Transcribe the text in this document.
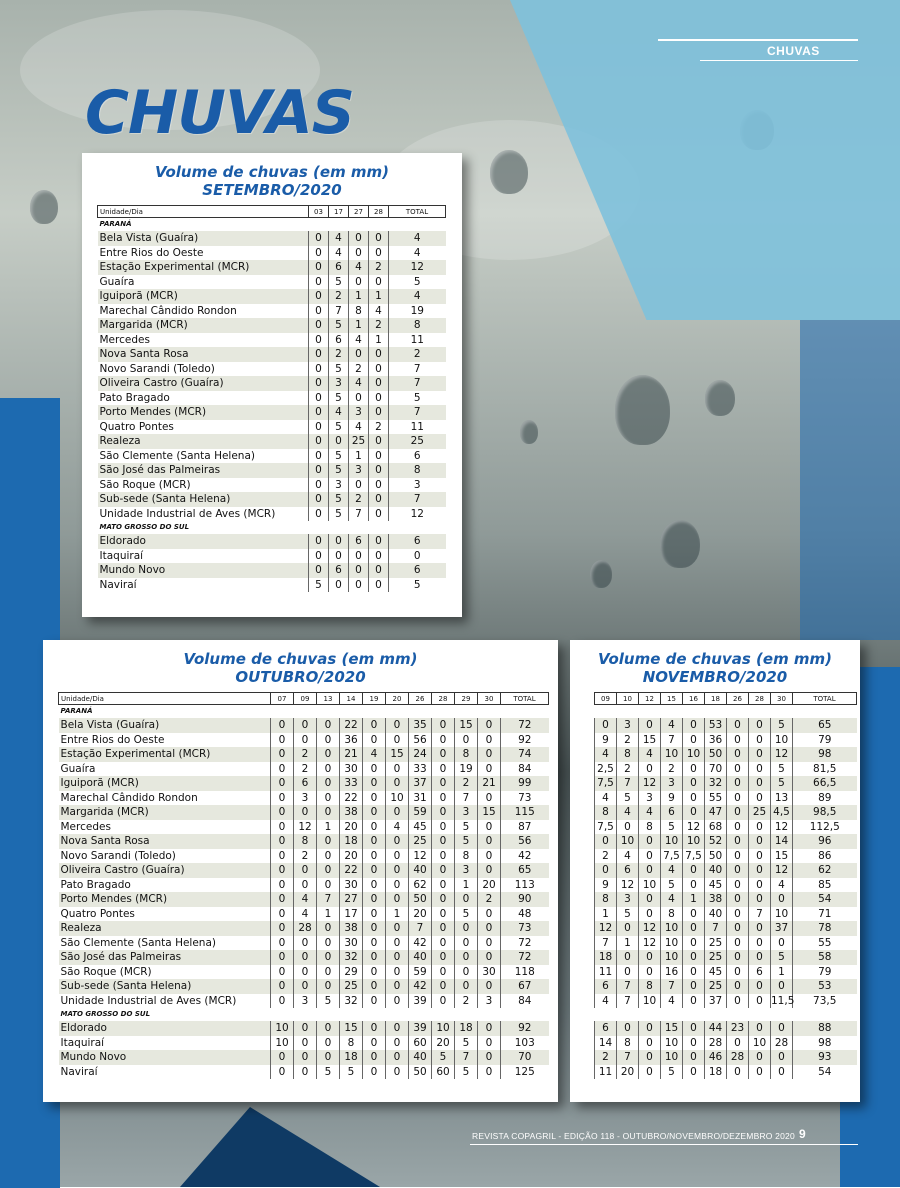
CHUVAS
CHUVAS
Volume de chuvas (em mm)
SETEMBRO/2020
Unidade/Dia	03	17	27	28	TOTAL
PARANÁ					
Bela Vista (Guaíra)	0	4	0	0	4
Entre Rios do Oeste	0	4	0	0	4
Estação Experimental (MCR)	0	6	4	2	12
Guaíra	0	5	0	0	5
Iguiporã (MCR)	0	2	1	1	4
Marechal Cândido Rondon	0	7	8	4	19
Margarida (MCR)	0	5	1	2	8
Mercedes	0	6	4	1	11
Nova Santa Rosa	0	2	0	0	2
Novo Sarandi (Toledo)	0	5	2	0	7
Oliveira Castro (Guaíra)	0	3	4	0	7
Pato Bragado	0	5	0	0	5
Porto Mendes (MCR)	0	4	3	0	7
Quatro Pontes	0	5	4	2	11
Realeza	0	0	25	0	25
São Clemente (Santa Helena)	0	5	1	0	6
São José das Palmeiras	0	5	3	0	8
São Roque (MCR)	0	3	0	0	3
Sub-sede (Santa Helena)	0	5	2	0	7
Unidade Industrial de Aves (MCR)	0	5	7	0	12
MATO GROSSO DO SUL					
Eldorado	0	0	6	0	6
Itaquiraí	0	0	0	0	0
Mundo Novo	0	6	0	0	6
Naviraí	5	0	0	0	5
Volume de chuvas (em mm)
OUTUBRO/2020
Unidade/Dia	07	09	13	14	19	20	26	28	29	30	TOTAL
PARANÁ											
Bela Vista (Guaíra)	0	0	0	22	0	0	35	0	15	0	72
Entre Rios do Oeste	0	0	0	36	0	0	56	0	0	0	92
Estação Experimental (MCR)	0	2	0	21	4	15	24	0	8	0	74
Guaíra	0	2	0	30	0	0	33	0	19	0	84
Iguiporã (MCR)	0	6	0	33	0	0	37	0	2	21	99
Marechal Cândido Rondon	0	3	0	22	0	10	31	0	7	0	73
Margarida (MCR)	0	0	0	38	0	0	59	0	3	15	115
Mercedes	0	12	1	20	0	4	45	0	5	0	87
Nova Santa Rosa	0	8	0	18	0	0	25	0	5	0	56
Novo Sarandi (Toledo)	0	2	0	20	0	0	12	0	8	0	42
Oliveira Castro (Guaíra)	0	0	0	22	0	0	40	0	3	0	65
Pato Bragado	0	0	0	30	0	0	62	0	1	20	113
Porto Mendes (MCR)	0	4	7	27	0	0	50	0	0	2	90
Quatro Pontes	0	4	1	17	0	1	20	0	5	0	48
Realeza	0	28	0	38	0	0	7	0	0	0	73
São Clemente (Santa Helena)	0	0	0	30	0	0	42	0	0	0	72
São José das Palmeiras	0	0	0	32	0	0	40	0	0	0	72
São Roque (MCR)	0	0	0	29	0	0	59	0	0	30	118
Sub-sede (Santa Helena)	0	0	0	25	0	0	42	0	0	0	67
Unidade Industrial de Aves (MCR)	0	3	5	32	0	0	39	0	2	3	84
MATO GROSSO DO SUL											
Eldorado	10	0	0	15	0	0	39	10	18	0	92
Itaquiraí	10	0	0	8	0	0	60	20	5	0	103
Mundo Novo	0	0	0	18	0	0	40	5	7	0	70
Naviraí	0	0	5	5	0	0	50	60	5	0	125
Volume de chuvas (em mm)
NOVEMBRO/2020
09	10	12	15	16	18	26	28	30	TOTAL

0	3	0	4	0	53	0	0	5	65
9	2	15	7	0	36	0	0	10	79
4	8	4	10	10	50	0	0	12	98
2,5	2	0	2	0	70	0	0	5	81,5
7,5	7	12	3	0	32	0	0	5	66,5
4	5	3	9	0	55	0	0	13	89
8	4	4	6	0	47	0	25	4,5	98,5
7,5	0	8	5	12	68	0	0	12	112,5
0	10	0	10	10	52	0	0	14	96
2	4	0	7,5	7,5	50	0	0	15	86
0	6	0	4	0	40	0	0	12	62
9	12	10	5	0	45	0	0	4	85
8	3	0	4	1	38	0	0	0	54
1	5	0	8	0	40	0	7	10	71
12	0	12	10	0	7	0	0	37	78
7	1	12	10	0	25	0	0	0	55
18	0	0	10	0	25	0	0	5	58
11	0	0	16	0	45	0	6	1	79
6	7	8	7	0	25	0	0	0	53
4	7	10	4	0	37	0	0	11,5	73,5

6	0	0	15	0	44	23	0	0	88
14	8	0	10	0	28	0	10	28	98
2	7	0	10	0	46	28	0	0	93
11	20	0	5	0	18	0	0	0	54
REVISTA COPAGRIL - EDIÇÃO 118 - OUTUBRO/NOVEMBRO/DEZEMBRO 2020 9
